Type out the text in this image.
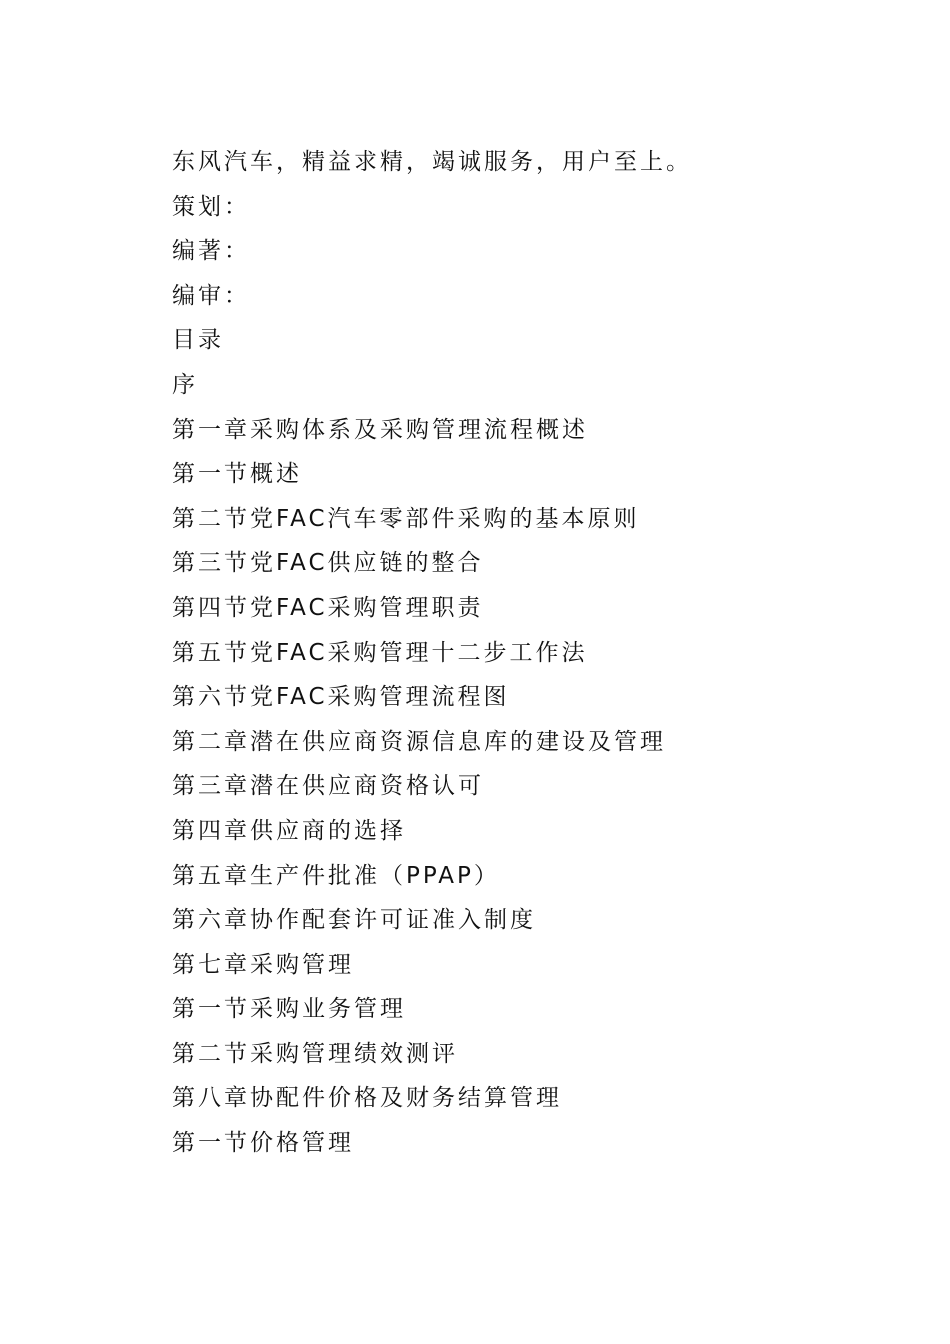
东风汽车，精益求精，竭诚服务，用户至上。
策划：
编著：
编审：
目录
序
第一章采购体系及采购管理流程概述
第一节概述
第二节党FAC汽车零部件采购的基本原则
第三节党FAC供应链的整合
第四节党FAC采购管理职责
第五节党FAC采购管理十二步工作法
第六节党FAC采购管理流程图
第二章潜在供应商资源信息库的建设及管理
第三章潜在供应商资格认可
第四章供应商的选择
第五章生产件批准（PPAP）
第六章协作配套许可证准入制度
第七章采购管理
第一节采购业务管理
第二节采购管理绩效测评
第八章协配件价格及财务结算管理
第一节价格管理
